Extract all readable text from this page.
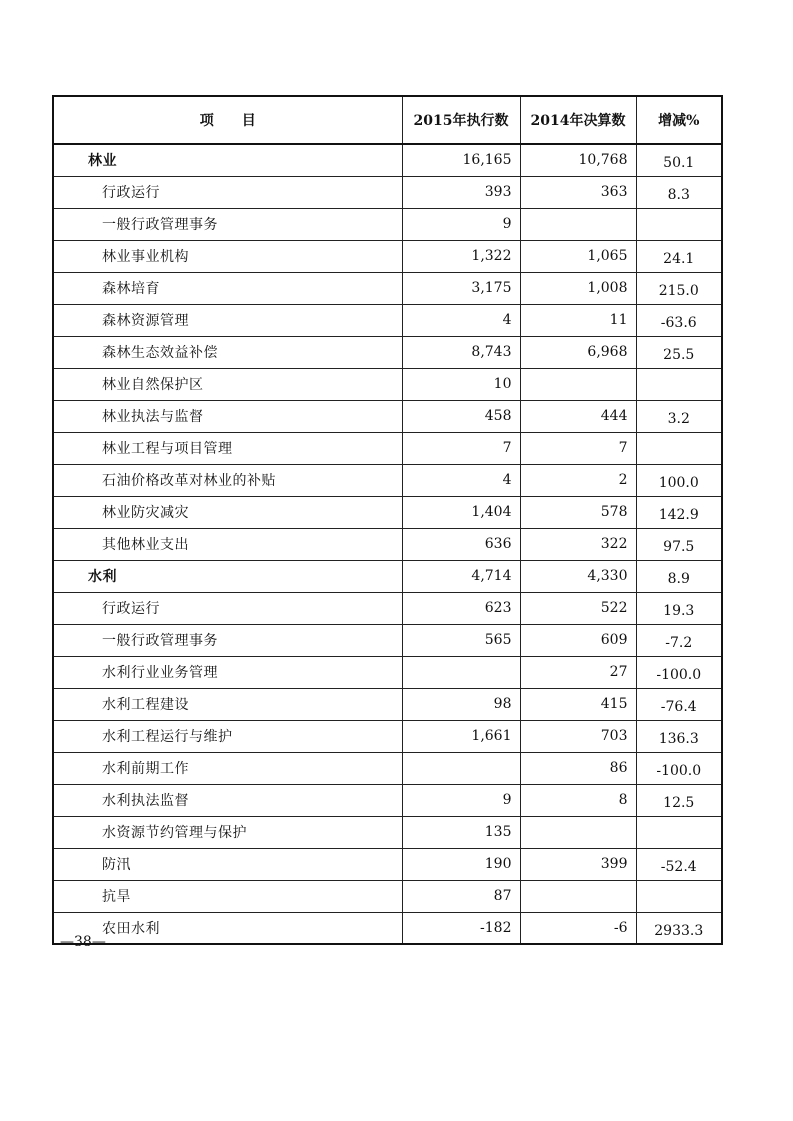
项　　目	2015年执行数	2014年决算数	增减%
林业	16,165	10,768	50.1
行政运行	393	363	8.3
一般行政管理事务	9		
林业事业机构	1,322	1,065	24.1
森林培育	3,175	1,008	215.0
森林资源管理	4	11	-63.6
森林生态效益补偿	8,743	6,968	25.5
林业自然保护区	10		
林业执法与监督	458	444	3.2
林业工程与项目管理	7	7	
石油价格改革对林业的补贴	4	2	100.0
林业防灾减灾	1,404	578	142.9
其他林业支出	636	322	97.5
水利	4,714	4,330	8.9
行政运行	623	522	19.3
一般行政管理事务	565	609	-7.2
水利行业业务管理		27	-100.0
水利工程建设	98	415	-76.4
水利工程运行与维护	1,661	703	136.3
水利前期工作		86	-100.0
水利执法监督	9	8	12.5
水资源节约管理与保护	135		
防汛	190	399	-52.4
抗旱	87		
农田水利	-182	-6	2933.3
—38—
